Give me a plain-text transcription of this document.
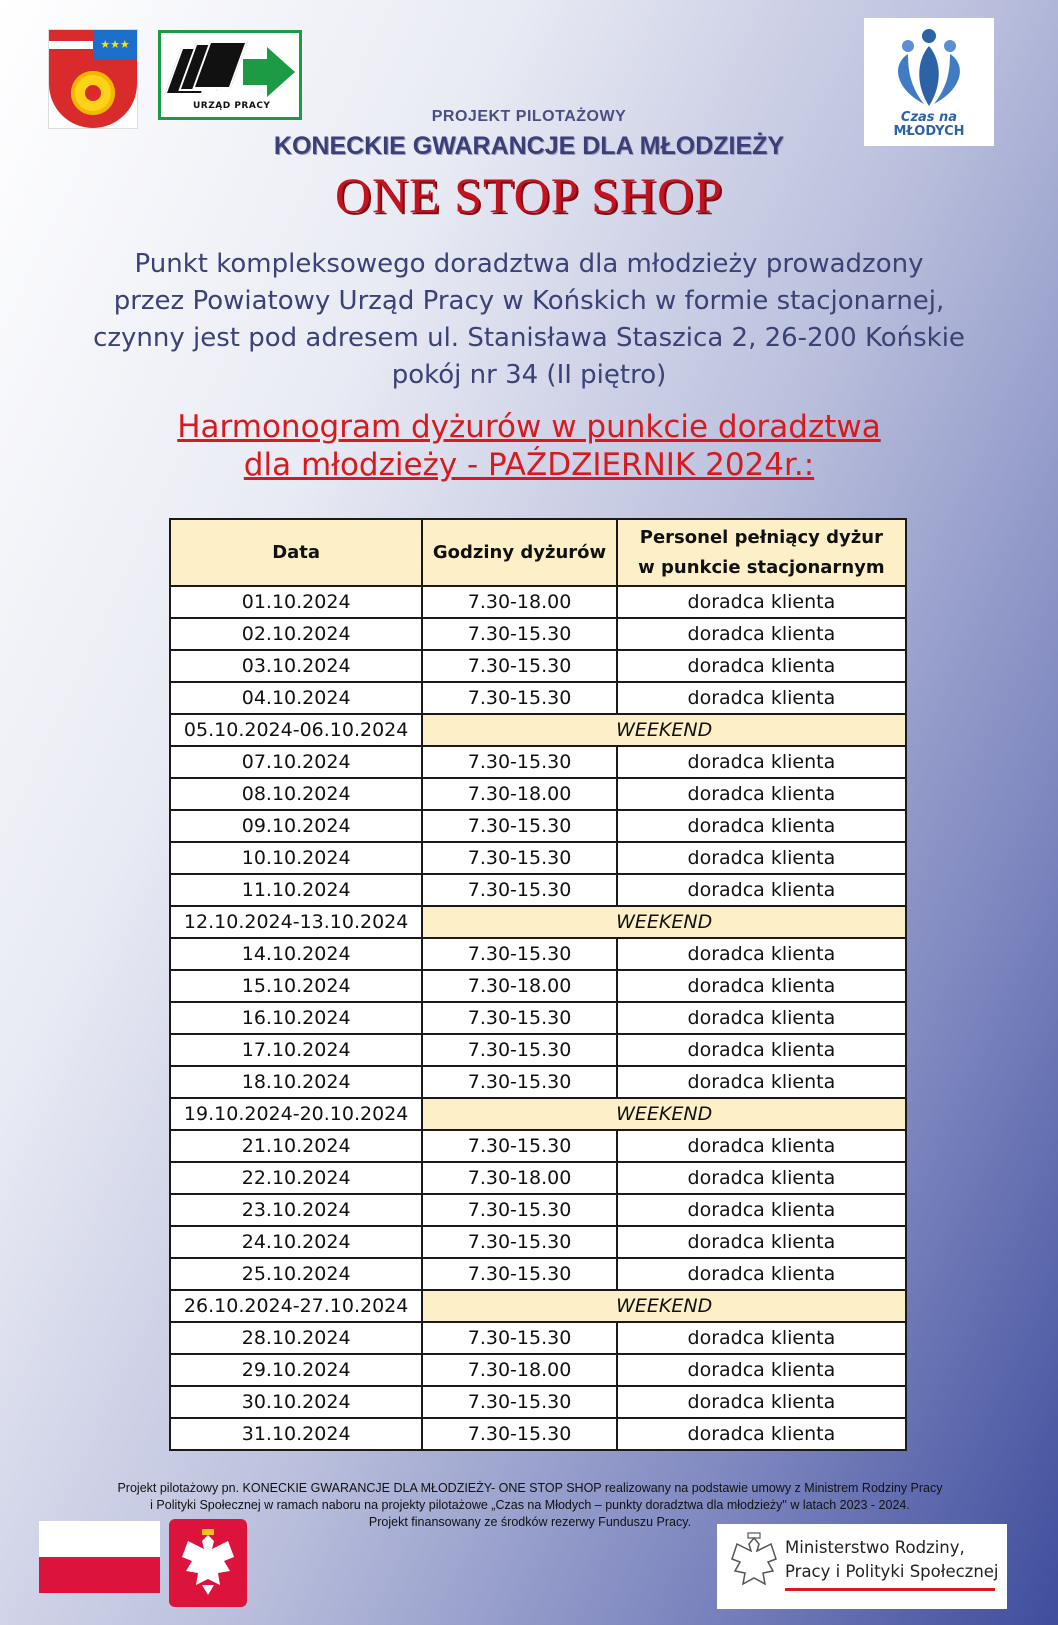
★★★
URZĄD PRACY
Czas na
MŁODYCH
PROJEKT PILOTAŻOWY
KONECKIE GWARANCJE DLA MŁODZIEŻY
ONE STOP SHOP
Punkt kompleksowego doradztwa dla młodzieży prowadzony
przez Powiatowy Urząd Pracy w Końskich w formie stacjonarnej,
czynny jest pod adresem ul. Stanisława Staszica 2, 26-200 Końskie
pokój nr 34 (II piętro)
Harmonogram dyżurów w punkcie doradztwa
dla młodzieży - PAŹDZIERNIK 2024r.:
Data	Godziny dyżurów	Personel pełniący dyżur
w punkcie stacjonarnym

01.10.2024	7.30-18.00	doradca klienta
02.10.2024	7.30-15.30	doradca klienta
03.10.2024	7.30-15.30	doradca klienta
04.10.2024	7.30-15.30	doradca klienta
05.10.2024-06.10.2024	WEEKEND	
07.10.2024	7.30-15.30	doradca klienta
08.10.2024	7.30-18.00	doradca klienta
09.10.2024	7.30-15.30	doradca klienta
10.10.2024	7.30-15.30	doradca klienta
11.10.2024	7.30-15.30	doradca klienta
12.10.2024-13.10.2024	WEEKEND	
14.10.2024	7.30-15.30	doradca klienta
15.10.2024	7.30-18.00	doradca klienta
16.10.2024	7.30-15.30	doradca klienta
17.10.2024	7.30-15.30	doradca klienta
18.10.2024	7.30-15.30	doradca klienta
19.10.2024-20.10.2024	WEEKEND	
21.10.2024	7.30-15.30	doradca klienta
22.10.2024	7.30-18.00	doradca klienta
23.10.2024	7.30-15.30	doradca klienta
24.10.2024	7.30-15.30	doradca klienta
25.10.2024	7.30-15.30	doradca klienta
26.10.2024-27.10.2024	WEEKEND	
28.10.2024	7.30-15.30	doradca klienta
29.10.2024	7.30-18.00	doradca klienta
30.10.2024	7.30-15.30	doradca klienta
31.10.2024	7.30-15.30	doradca klienta
Projekt pilotażowy pn. KONECKIE GWARANCJE DLA MŁODZIEŻY- ONE STOP SHOP realizowany na podstawie umowy z Ministrem Rodziny Pracy
i Polityki Społecznej w ramach naboru na projekty pilotażowe „Czas na Młodych – punkty doradztwa dla młodzieży" w latach 2023 - 2024.
Projekt finansowany ze środków rezerwy Funduszu Pracy.
Ministerstwo Rodziny,
Pracy i Polityki Społecznej
